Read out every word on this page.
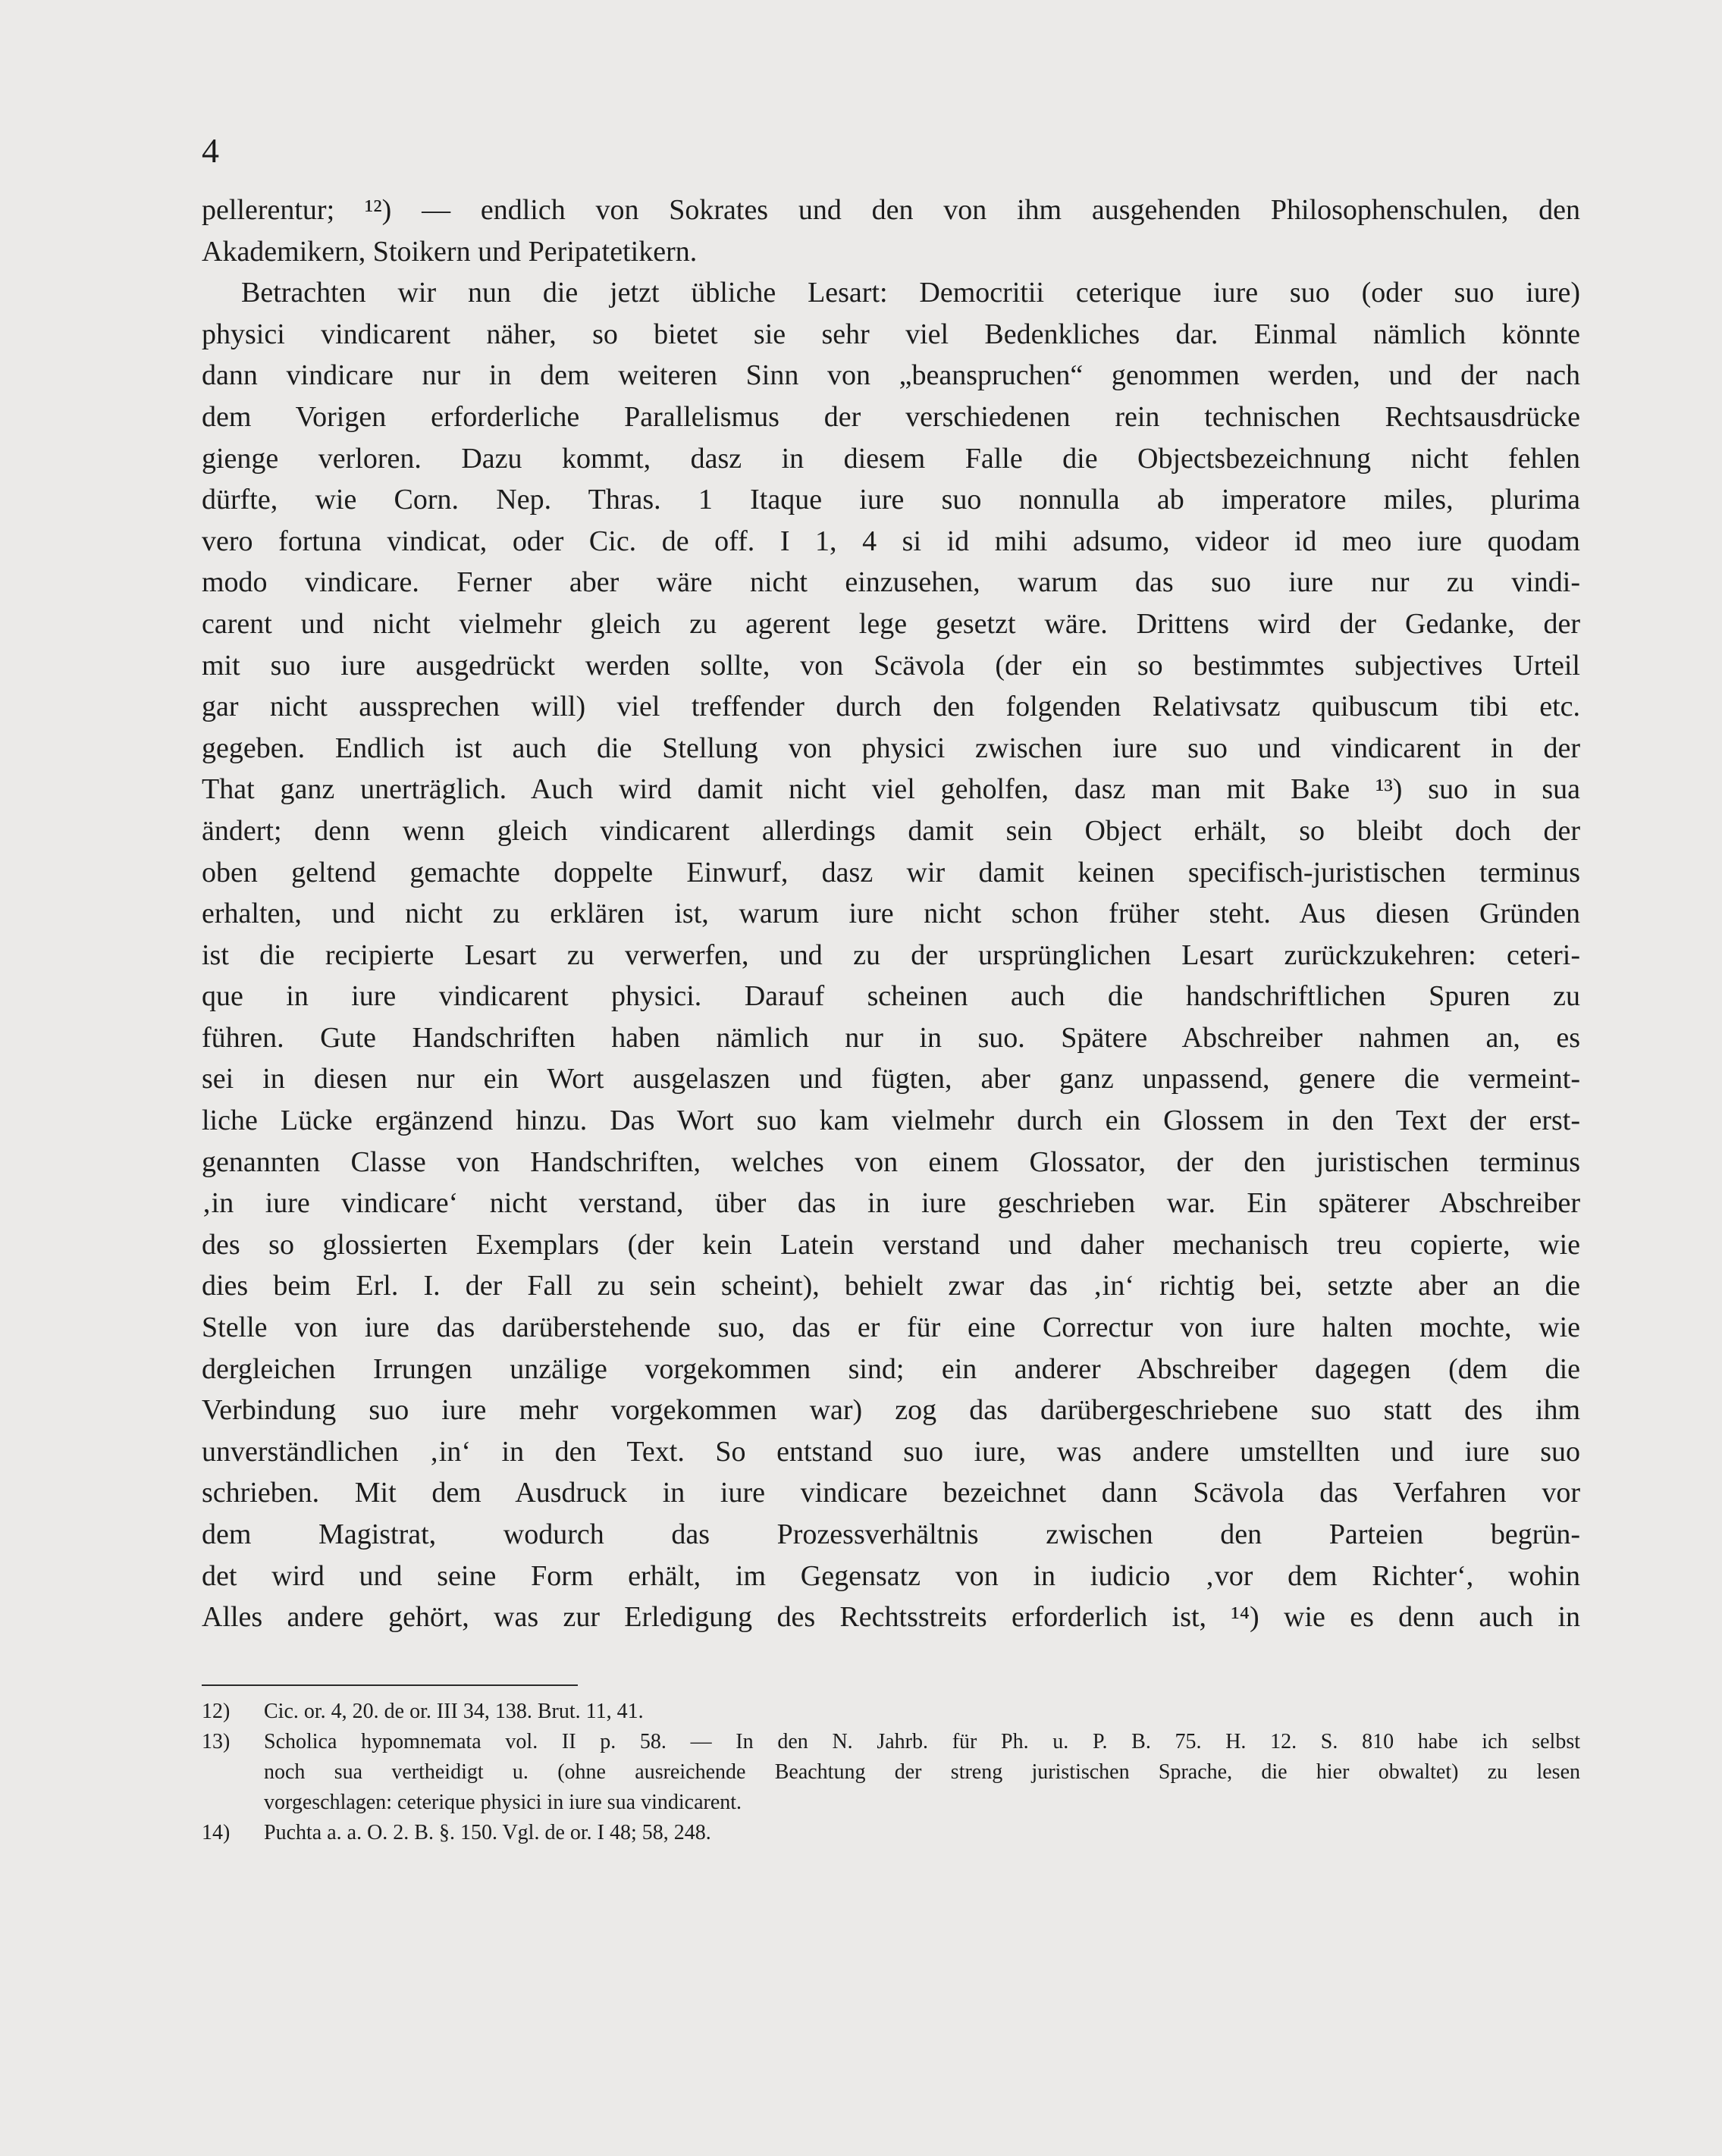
4
pellerentur; ¹²) — endlich von Sokrates und den von ihm ausgehenden Philosophenschulen, den
Akademikern, Stoikern und Peripatetikern.
Betrachten wir nun die jetzt übliche Lesart: Democritii ceterique iure suo (oder suo iure)
physici vindicarent näher, so bietet sie sehr viel Bedenkliches dar. Einmal nämlich könnte
dann vindicare nur in dem weiteren Sinn von „beanspruchen“ genommen werden, und der nach
dem Vorigen erforderliche Parallelismus der verschiedenen rein technischen Rechtsausdrücke
gienge verloren. Dazu kommt, dasz in diesem Falle die Objectsbezeichnung nicht fehlen
dürfte, wie Corn. Nep. Thras. 1 Itaque iure suo nonnulla ab imperatore miles, plurima
vero fortuna vindicat, oder Cic. de off. I 1, 4 si id mihi adsumo, videor id meo iure quodam
modo vindicare. Ferner aber wäre nicht einzusehen, warum das suo iure nur zu vindi-
carent und nicht vielmehr gleich zu agerent lege gesetzt wäre. Drittens wird der Gedanke, der
mit suo iure ausgedrückt werden sollte, von Scävola (der ein so bestimmtes subjectives Urteil
gar nicht aussprechen will) viel treffender durch den folgenden Relativsatz quibuscum tibi etc.
gegeben. Endlich ist auch die Stellung von physici zwischen iure suo und vindicarent in der
That ganz unerträglich. Auch wird damit nicht viel geholfen, dasz man mit Bake ¹³) suo in sua
ändert; denn wenn gleich vindicarent allerdings damit sein Object erhält, so bleibt doch der
oben geltend gemachte doppelte Einwurf, dasz wir damit keinen specifisch-juristischen terminus
erhalten, und nicht zu erklären ist, warum iure nicht schon früher steht. Aus diesen Gründen
ist die recipierte Lesart zu verwerfen, und zu der ursprünglichen Lesart zurückzukehren: ceteri-
que in iure vindicarent physici. Darauf scheinen auch die handschriftlichen Spuren zu
führen. Gute Handschriften haben nämlich nur in suo. Spätere Abschreiber nahmen an, es
sei in diesen nur ein Wort ausgelaszen und fügten, aber ganz unpassend, genere die vermeint-
liche Lücke ergänzend hinzu. Das Wort suo kam vielmehr durch ein Glossem in den Text der erst-
genannten Classe von Handschriften, welches von einem Glossator, der den juristischen terminus
‚in iure vindicare‘ nicht verstand, über das in iure geschrieben war. Ein späterer Abschreiber
des so glossierten Exemplars (der kein Latein verstand und daher mechanisch treu copierte, wie
dies beim Erl. I. der Fall zu sein scheint), behielt zwar das ‚in‘ richtig bei, setzte aber an die
Stelle von iure das darüberstehende suo, das er für eine Correctur von iure halten mochte, wie
dergleichen Irrungen unzälige vorgekommen sind; ein anderer Abschreiber dagegen (dem die
Verbindung suo iure mehr vorgekommen war) zog das darübergeschriebene suo statt des ihm
unverständlichen ‚in‘ in den Text. So entstand suo iure, was andere umstellten und iure suo
schrieben. Mit dem Ausdruck in iure vindicare bezeichnet dann Scävola das Verfahren vor
dem Magistrat, wodurch das Prozessverhältnis zwischen den Parteien begrün-
det wird und seine Form erhält, im Gegensatz von in iudicio ‚vor dem Richter‘, wohin
Alles andere gehört, was zur Erledigung des Rechtsstreits erforderlich ist, ¹⁴) wie es denn auch in
12) Cic. or. 4, 20. de or. III 34, 138. Brut. 11, 41.
13) Scholica hypomnemata vol. II p. 58. — In den N. Jahrb. für Ph. u. P. B. 75. H. 12. S. 810 habe ich selbst
noch sua vertheidigt u. (ohne ausreichende Beachtung der streng juristischen Sprache, die hier obwaltet) zu lesen
vorgeschlagen: ceterique physici in iure sua vindicarent.
14) Puchta a. a. O. 2. B. §. 150. Vgl. de or. I 48; 58, 248.
